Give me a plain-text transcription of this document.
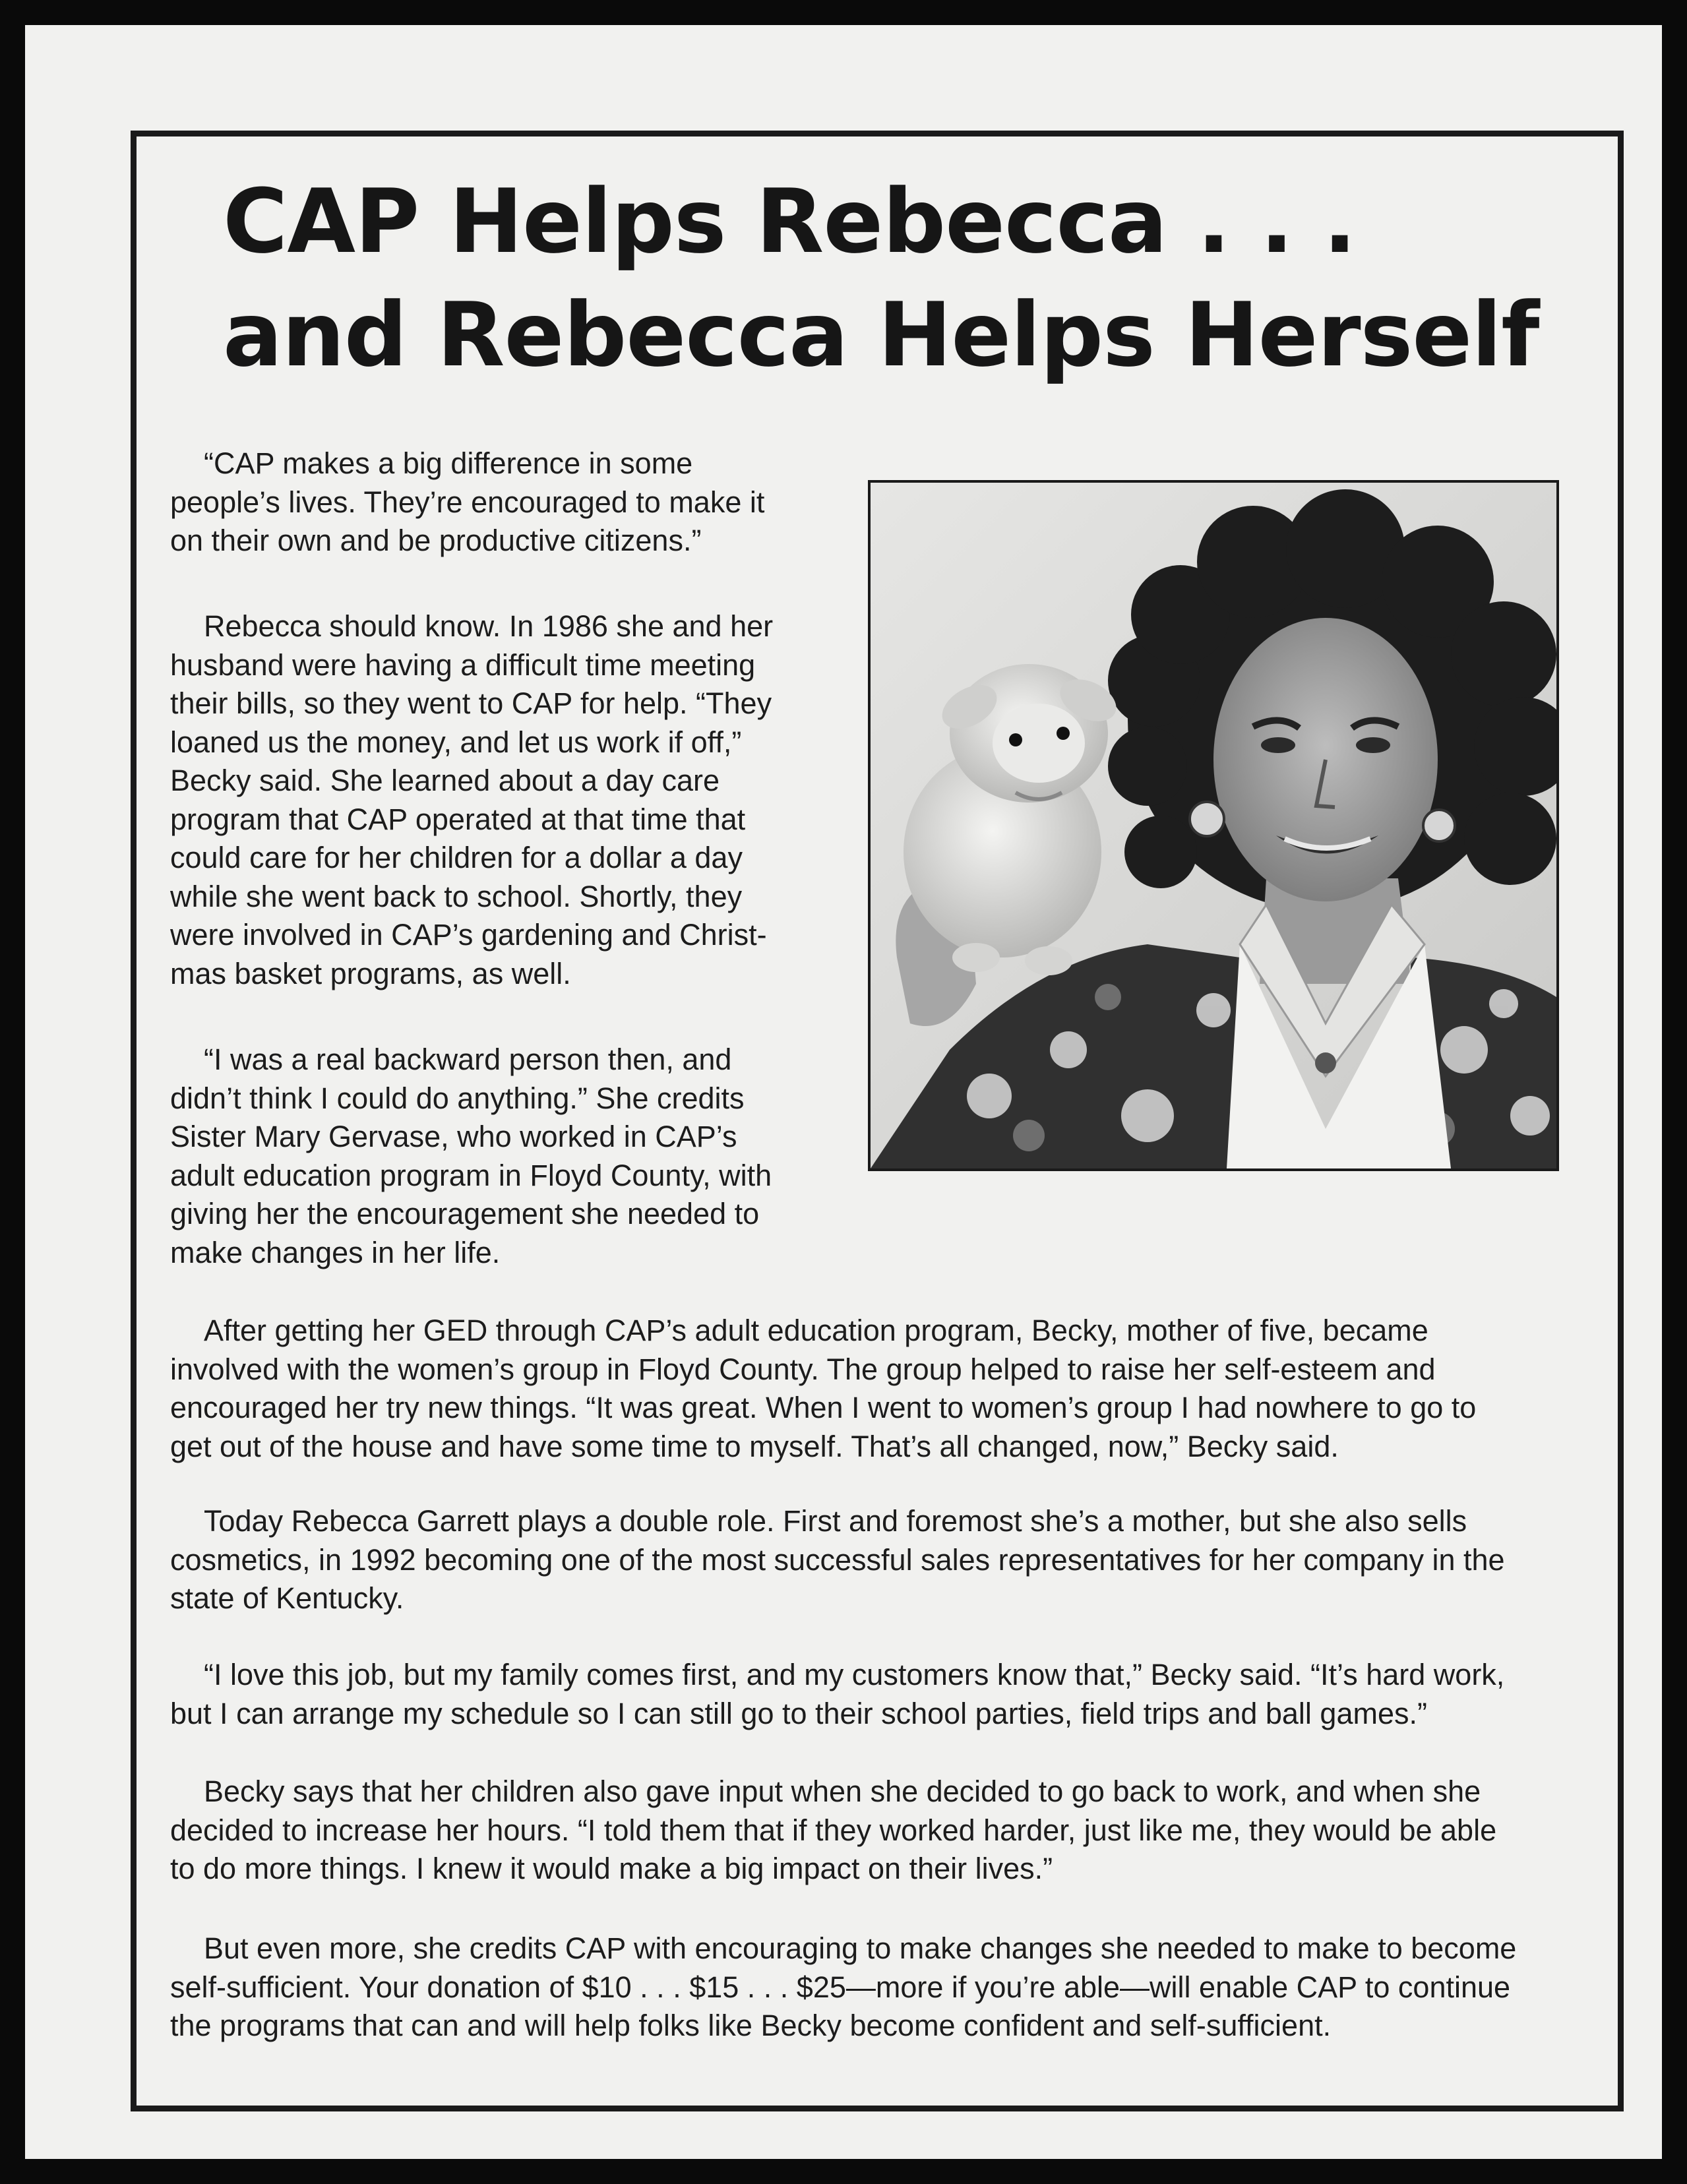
CAP Helps Rebecca . . .
and Rebecca Helps Herself

“CAP makes a big difference in some
people’s lives. They’re encouraged to make it
on their own and be productive citizens.”

Rebecca should know. In 1986 she and her
husband were having a difficult time meeting
their bills, so they went to CAP for help. “They
loaned us the money, and let us work if off,”
Becky said. She learned about a day care
program that CAP operated at that time that
could care for her children for a dollar a day
while she went back to school. Shortly, they
were involved in CAP’s gardening and Christ-
mas basket programs, as well.

“I was a real backward person then, and
didn’t think I could do anything.” She credits
Sister Mary Gervase, who worked in CAP’s
adult education program in Floyd County, with
giving her the encouragement she needed to
make changes in her life.

After getting her GED through CAP’s adult education program, Becky, mother of five, became
involved with the women’s group in Floyd County. The group helped to raise her self-esteem and
encouraged her try new things. “It was great. When I went to women’s group I had nowhere to go to
get out of the house and have some time to myself. That’s all changed, now,” Becky said.

Today Rebecca Garrett plays a double role. First and foremost she’s a mother, but she also sells
cosmetics, in 1992 becoming one of the most successful sales representatives for her company in the
state of Kentucky.

“I love this job, but my family comes first, and my customers know that,” Becky said. “It’s hard work,
but I can arrange my schedule so I can still go to their school parties, field trips and ball games.”

Becky says that her children also gave input when she decided to go back to work, and when she
decided to increase her hours. “I told them that if they worked harder, just like me, they would be able
to do more things. I knew it would make a big impact on their lives.”

But even more, she credits CAP with encouraging to make changes she needed to make to become
self-sufficient. Your donation of $10 . . . $15 . . . $25—more if you’re able—will enable CAP to continue
the programs that can and will help folks like Becky become confident and self-sufficient.
